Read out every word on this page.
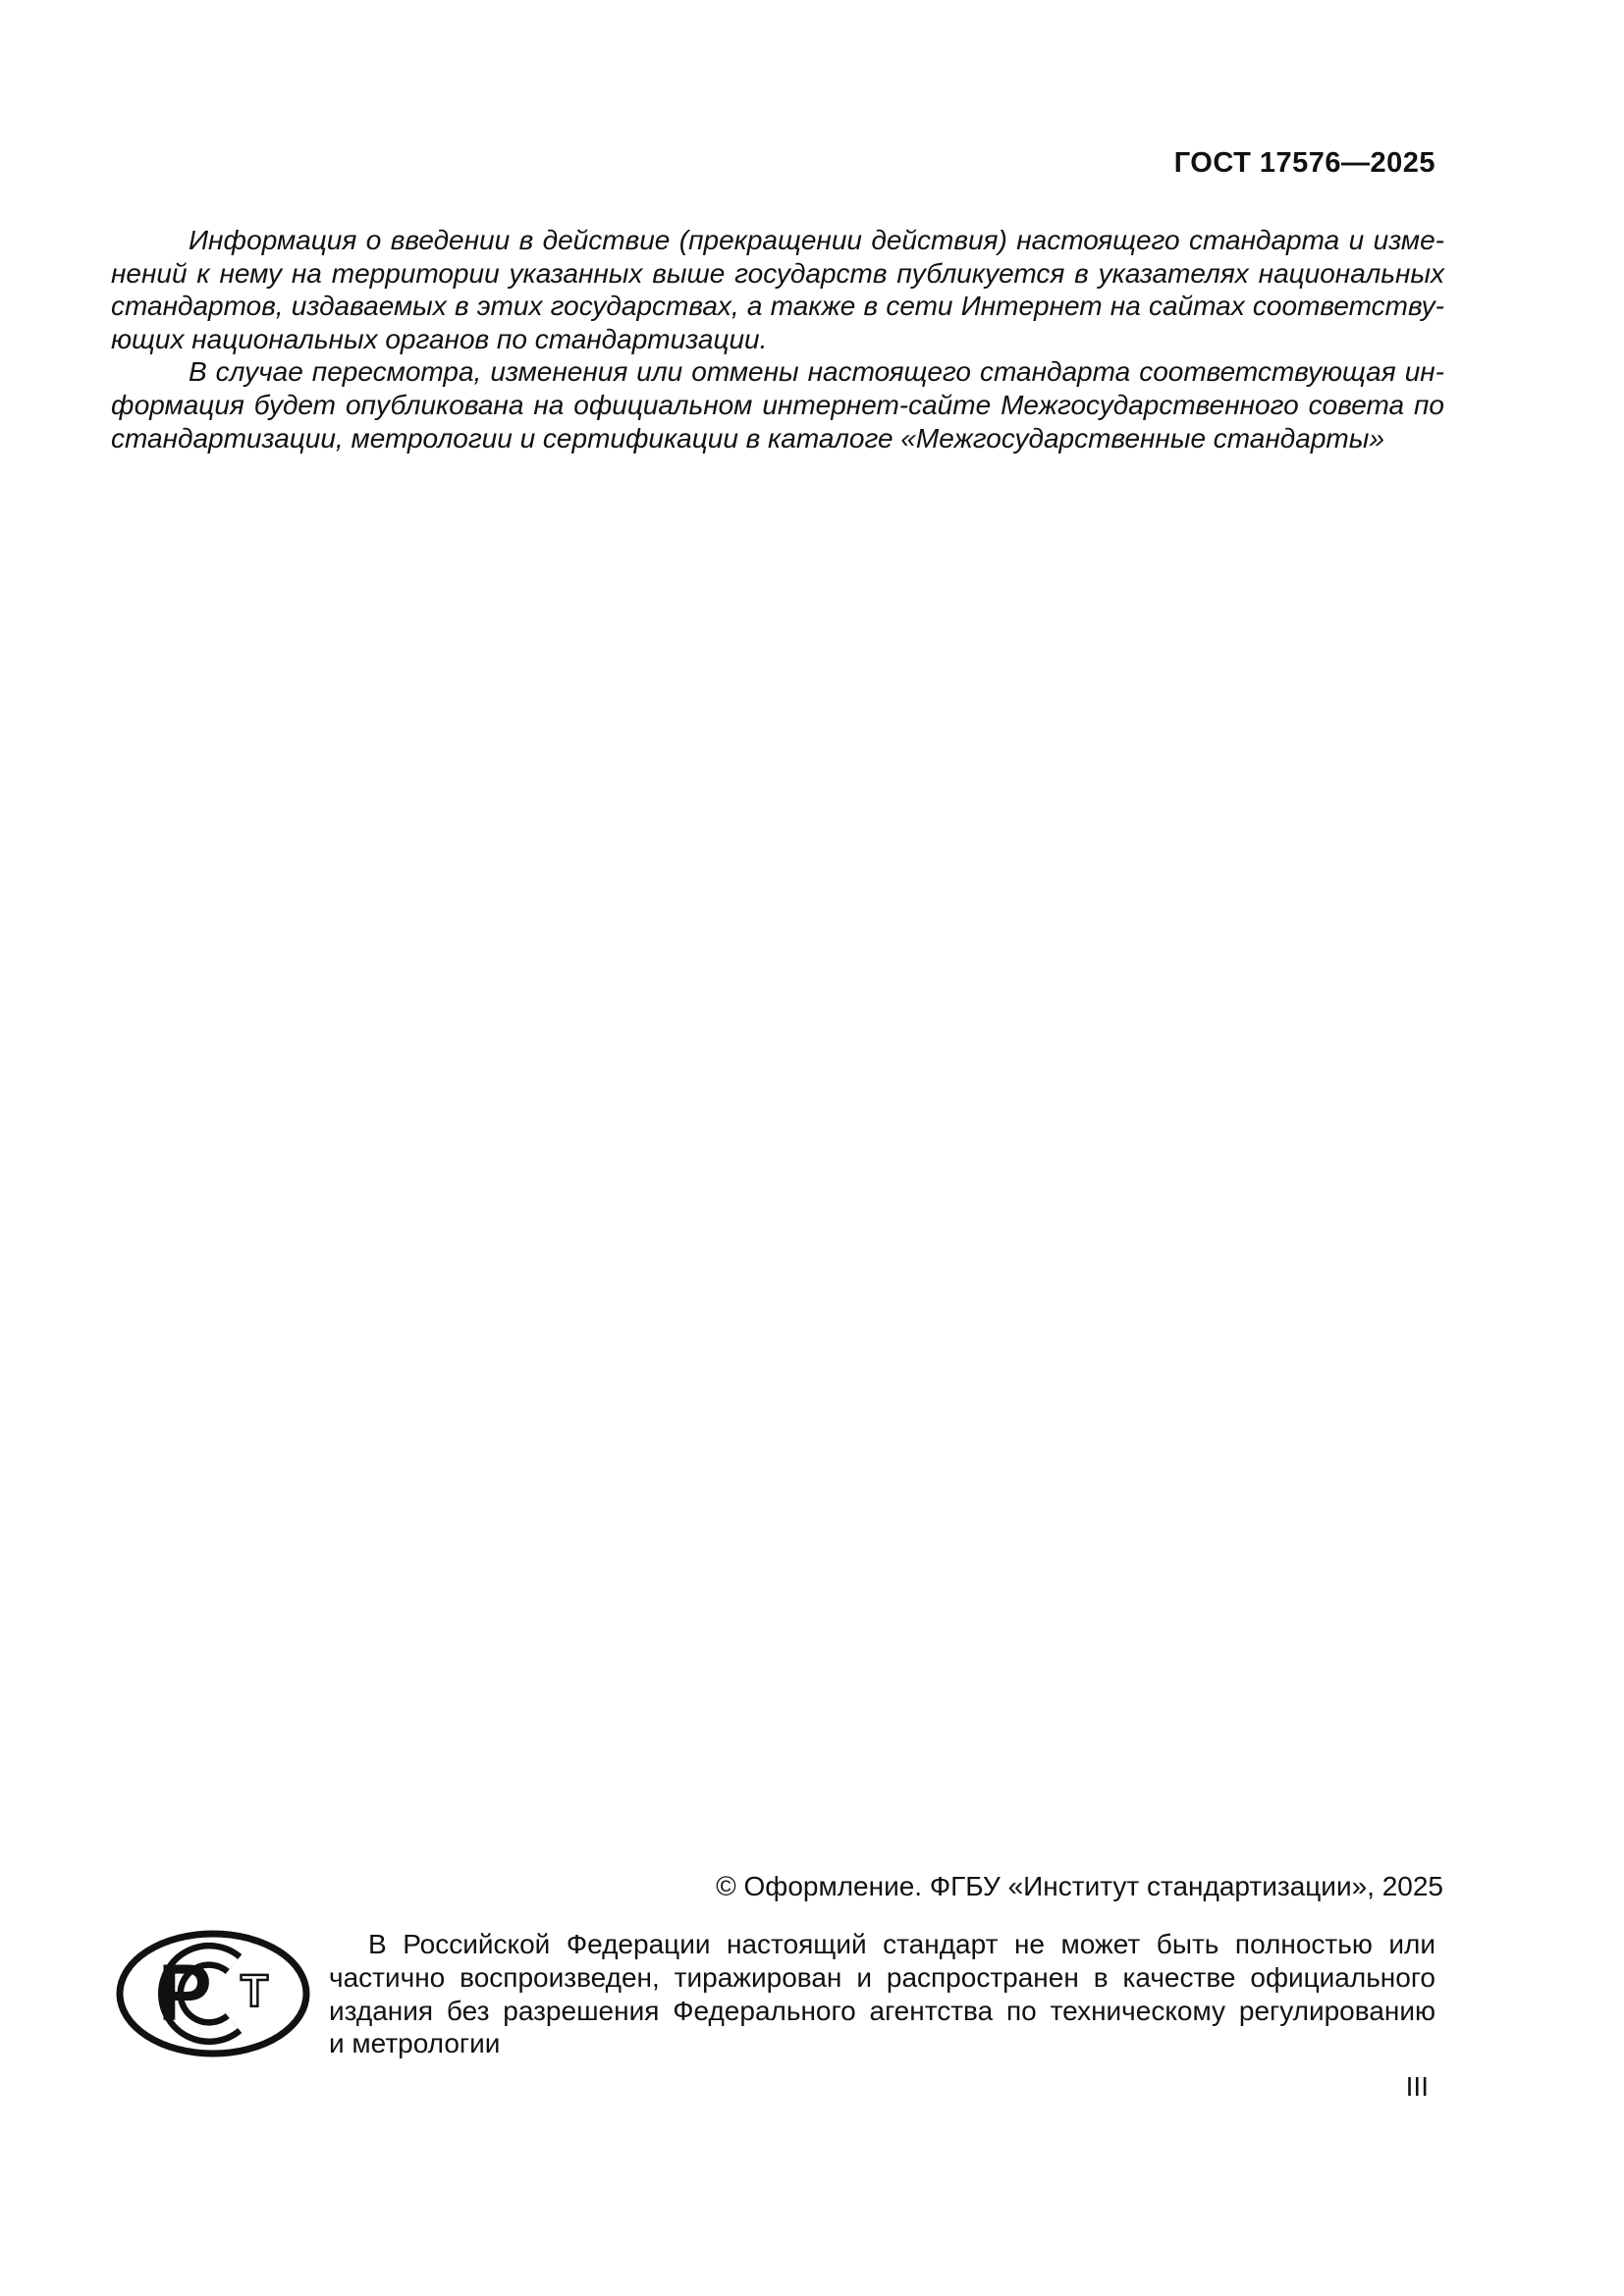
ГОСТ 17576—2025
Информация о введении в действие (прекращении действия) настоящего стандарта и изме-
нений к нему на территории указанных выше государств публикуется в указателях национальных
стандартов, издаваемых в этих государствах, а также в сети Интернет на сайтах соответству-
ющих национальных органов по стандартизации.
В случае пересмотра, изменения или отмены настоящего стандарта соответствующая ин-
формация будет опубликована на официальном интернет-сайте Межгосударственного совета по
стандартизации, метрологии и сертификации в каталоге «Межгосударственные стандарты»
© Оформление. ФГБУ «Институт стандартизации», 2025
Р Т
В Российской Федерации настоящий стандарт не может быть полностью или
частично воспроизведен, тиражирован и распространен в качестве официального
издания без разрешения Федерального агентства по техническому регулированию
и метрологии
III
